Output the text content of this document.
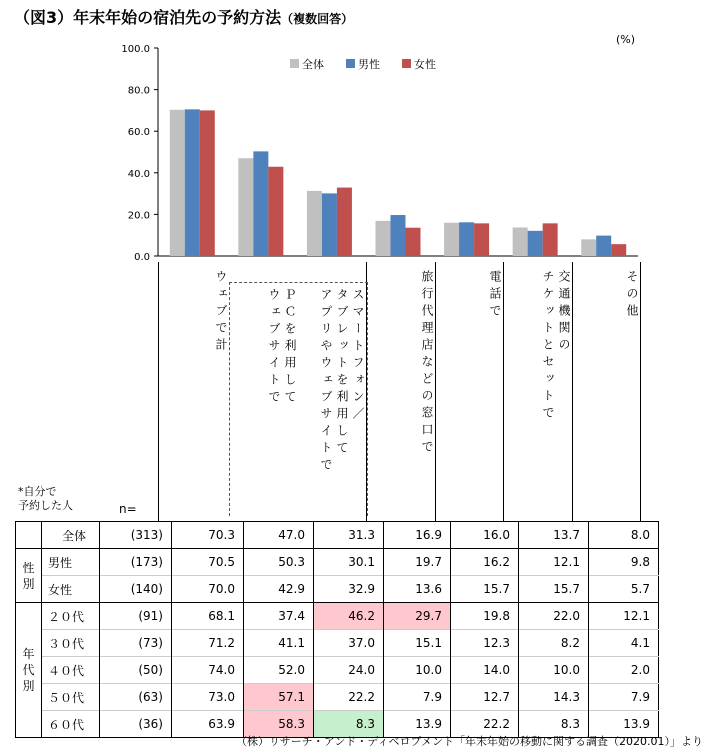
（図3）年末年始の宿泊先の予約方法（複数回答）
(%)
0.0
20.0
40.0
60.0
80.0
100.0
全体	男性	女性
ウェブで計	ＰＣを利用して
ウェブサイトで	スマートフォン／
タブレットを利用して
アプリやウェブサイトで	旅行代理店などの窓口で	電話で	交通機関の
チケットとセットで	その他
*自分で
予約した人	n=
	全体	(313)	70.3	47.0	31.3	16.9	16.0	13.7	8.0
性
別	男性	(173)	70.5	50.3	30.1	19.7	16.2	12.1	9.8
	女性	(140)	70.0	42.9	32.9	13.6	15.7	15.7	5.7
年
代
別	２０代	(91)	68.1	37.4	46.2	29.7	19.8	22.0	12.1
	３０代	(73)	71.2	41.1	37.0	15.1	12.3	8.2	4.1
	４０代	(50)	74.0	52.0	24.0	10.0	14.0	10.0	2.0
	５０代	(63)	73.0	57.1	22.2	7.9	12.7	14.3	7.9
	６０代	(36)	63.9	58.3	8.3	13.9	22.2	8.3	13.9
（株）リサーチ・アンド・ディベロプメント「年末年始の移動に関する調査（2020.01）」より
